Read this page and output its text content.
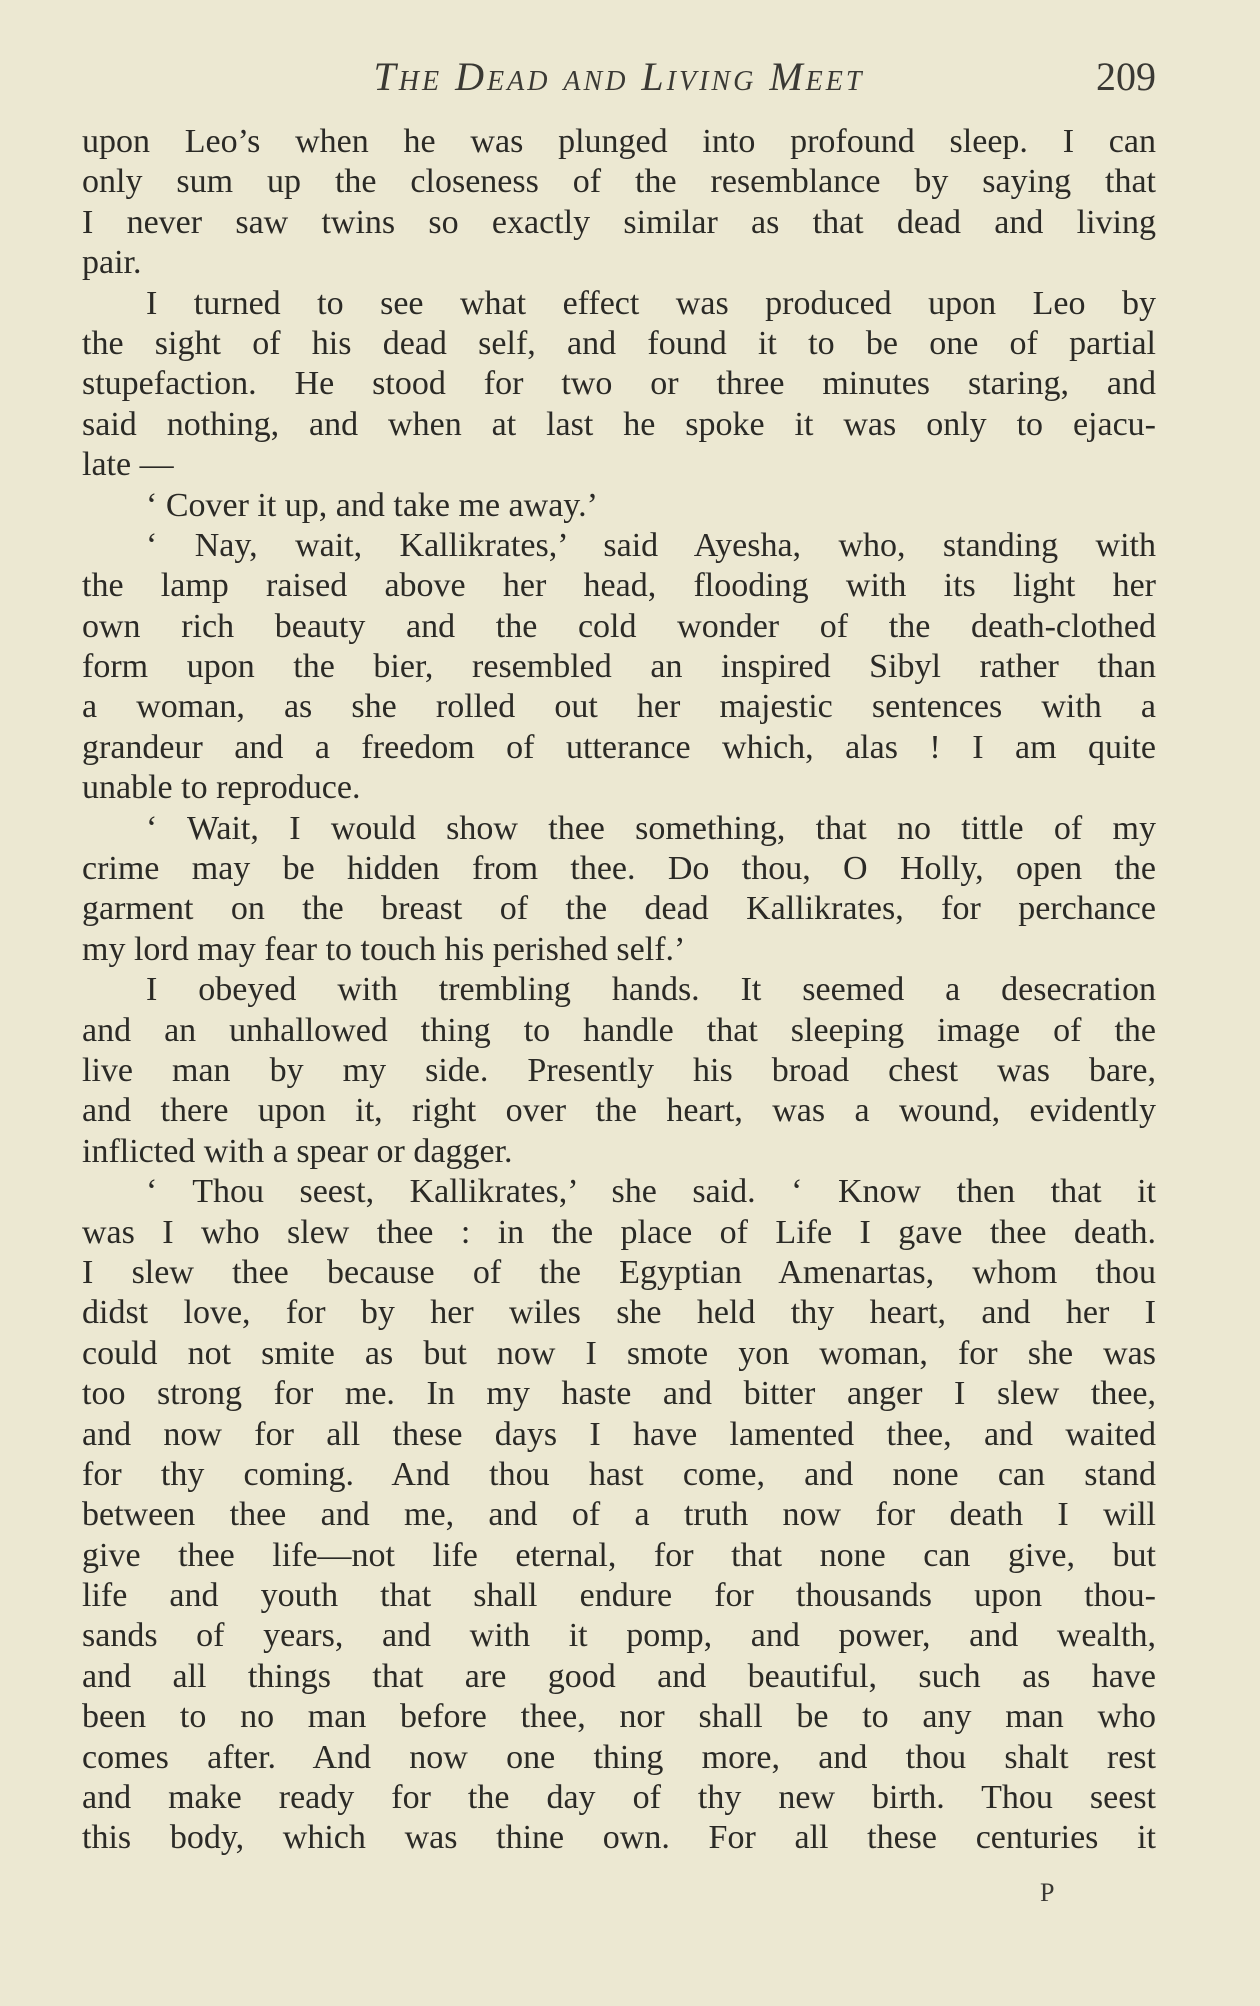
The Dead and Living Meet	209
upon Leo’s when he was plunged into profound sleep. I can
only sum up the closeness of the resemblance by saying that
I never saw twins so exactly similar as that dead and living
pair.
I turned to see what effect was produced upon Leo by
the sight of his dead self, and found it to be one of partial
stupefaction. He stood for two or three minutes staring, and
said nothing, and when at last he spoke it was only to ejacu-
late —
‘ Cover it up, and take me away.’
‘ Nay, wait, Kallikrates,’ said Ayesha, who, standing with
the lamp raised above her head, flooding with its light her
own rich beauty and the cold wonder of the death-clothed
form upon the bier, resembled an inspired Sibyl rather than
a woman, as she rolled out her majestic sentences with a
grandeur and a freedom of utterance which, alas ! I am quite
unable to reproduce.
‘ Wait, I would show thee something, that no tittle of my
crime may be hidden from thee. Do thou, O Holly, open the
garment on the breast of the dead Kallikrates, for perchance
my lord may fear to touch his perished self.’
I obeyed with trembling hands. It seemed a desecration
and an unhallowed thing to handle that sleeping image of the
live man by my side. Presently his broad chest was bare,
and there upon it, right over the heart, was a wound, evidently
inflicted with a spear or dagger.
‘ Thou seest, Kallikrates,’ she said. ‘ Know then that it
was I who slew thee : in the place of Life I gave thee death.
I slew thee because of the Egyptian Amenartas, whom thou
didst love, for by her wiles she held thy heart, and her I
could not smite as but now I smote yon woman, for she was
too strong for me. In my haste and bitter anger I slew thee,
and now for all these days I have lamented thee, and waited
for thy coming. And thou hast come, and none can stand
between thee and me, and of a truth now for death I will
give thee life—not life eternal, for that none can give, but
life and youth that shall endure for thousands upon thou-
sands of years, and with it pomp, and power, and wealth,
and all things that are good and beautiful, such as have
been to no man before thee, nor shall be to any man who
comes after. And now one thing more, and thou shalt rest
and make ready for the day of thy new birth. Thou seest
this body, which was thine own. For all these centuries it
P
